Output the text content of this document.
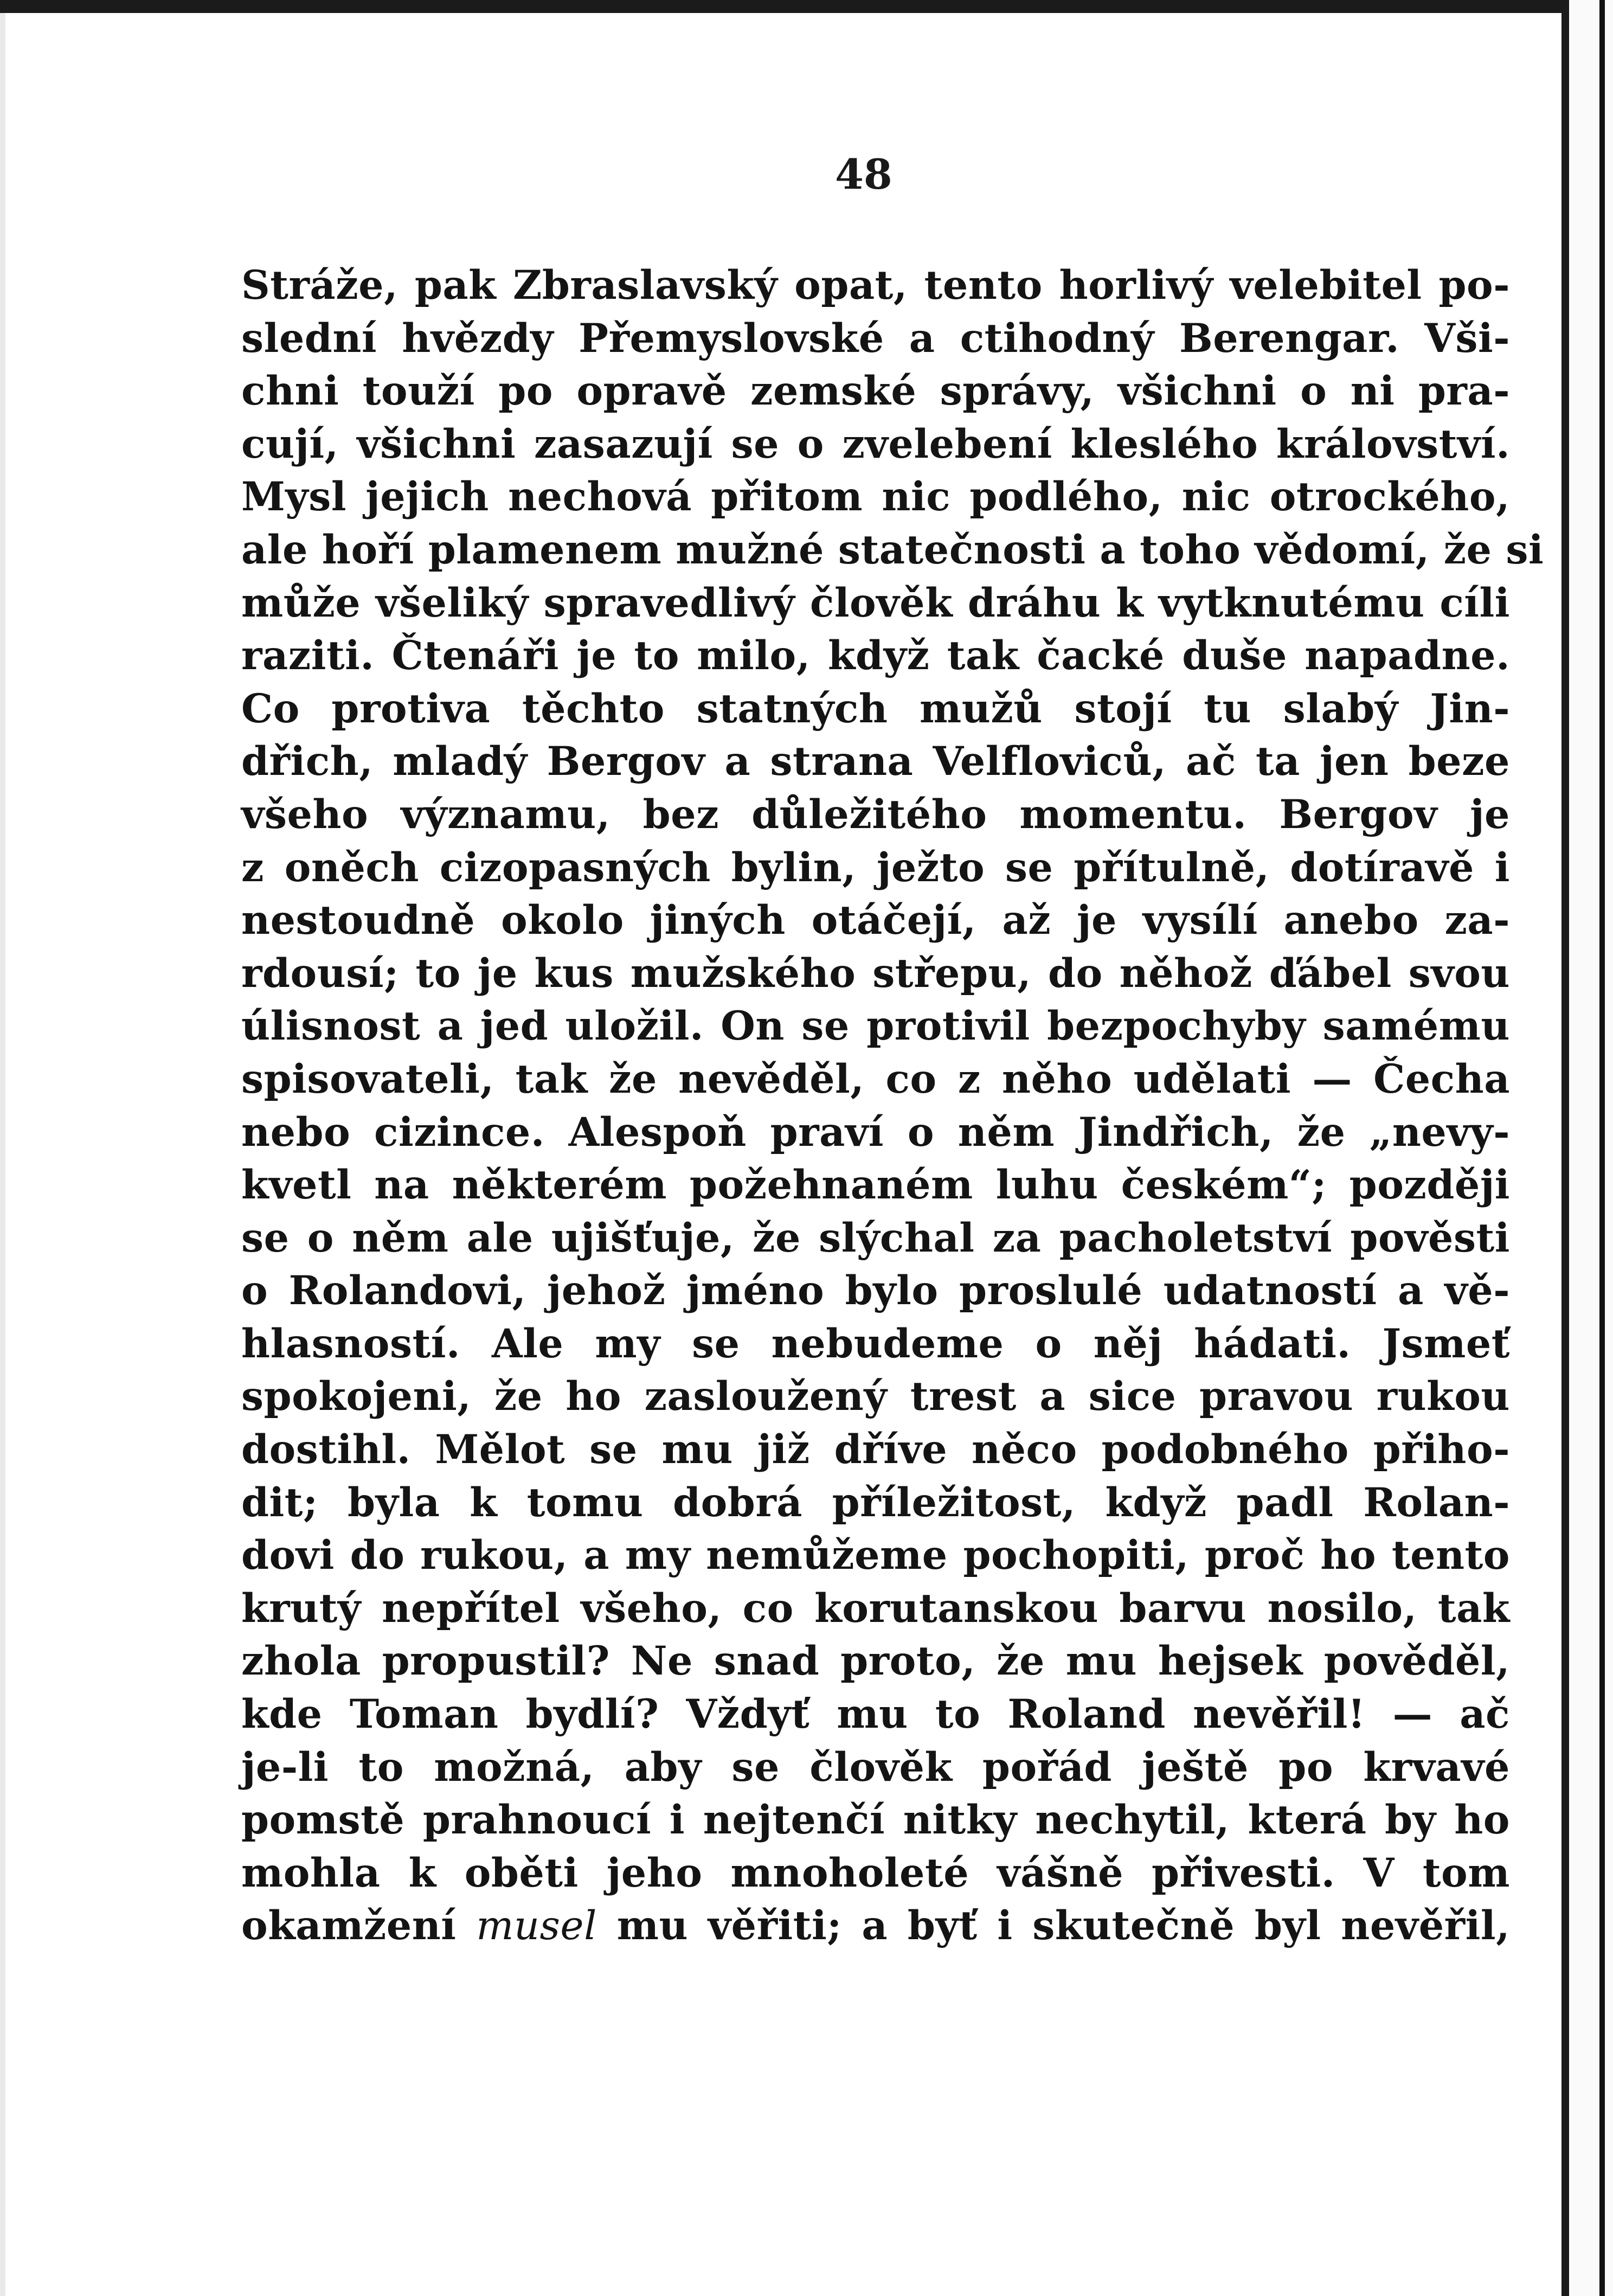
48
Stráže, pak Zbraslavský opat, tento horlivý velebitel po-
slední hvězdy Přemyslovské a ctihodný Berengar. Vši-
chni touží po opravě zemské správy, všichni o ni pra-
cují, všichni zasazují se o zvelebení kleslého království.
Mysl jejich nechová přitom nic podlého, nic otrockého,
ale hoří plamenem mužné statečnosti a toho vědomí, že si
může všeliký spravedlivý člověk dráhu k vytknutému cíli
raziti. Čtenáři je to milo, když tak čacké duše napadne.
Co protiva těchto statných mužů stojí tu slabý Jin-
dřich, mladý Bergov a strana Velfloviců, ač ta jen beze
všeho významu, bez důležitého momentu. Bergov je
z oněch cizopasných bylin, ježto se přítulně, dotíravě i
nestoudně okolo jiných otáčejí, až je vysílí anebo za-
rdousí; to je kus mužského střepu, do něhož ďábel svou
úlisnost a jed uložil. On se protivil bezpochyby samému
spisovateli, tak že nevěděl, co z něho udělati — Čecha
nebo cizince. Alespoň praví o něm Jindřich, že „nevy-
kvetl na některém požehnaném luhu českém“; později
se o něm ale ujišťuje, že slýchal za pacholetství pověsti
o Rolandovi, jehož jméno bylo proslulé udatností a vě-
hlasností. Ale my se nebudeme o něj hádati. Jsmeť
spokojeni, že ho zasloužený trest a sice pravou rukou
dostihl. Mělot se mu již dříve něco podobného přiho-
dit; byla k tomu dobrá příležitost, když padl Rolan-
dovi do rukou, a my nemůžeme pochopiti, proč ho tento
krutý nepřítel všeho, co korutanskou barvu nosilo, tak
zhola propustil? Ne snad proto, že mu hejsek pověděl,
kde Toman bydlí? Vždyť mu to Roland nevěřil! — ač
je-li to možná, aby se člověk pořád ještě po krvavé
pomstě prahnoucí i nejtenčí nitky nechytil, která by ho
mohla k oběti jeho mnoholeté vášně přivesti. V tom
okamžení musel mu věřiti; a byť i skutečně byl nevěřil,
